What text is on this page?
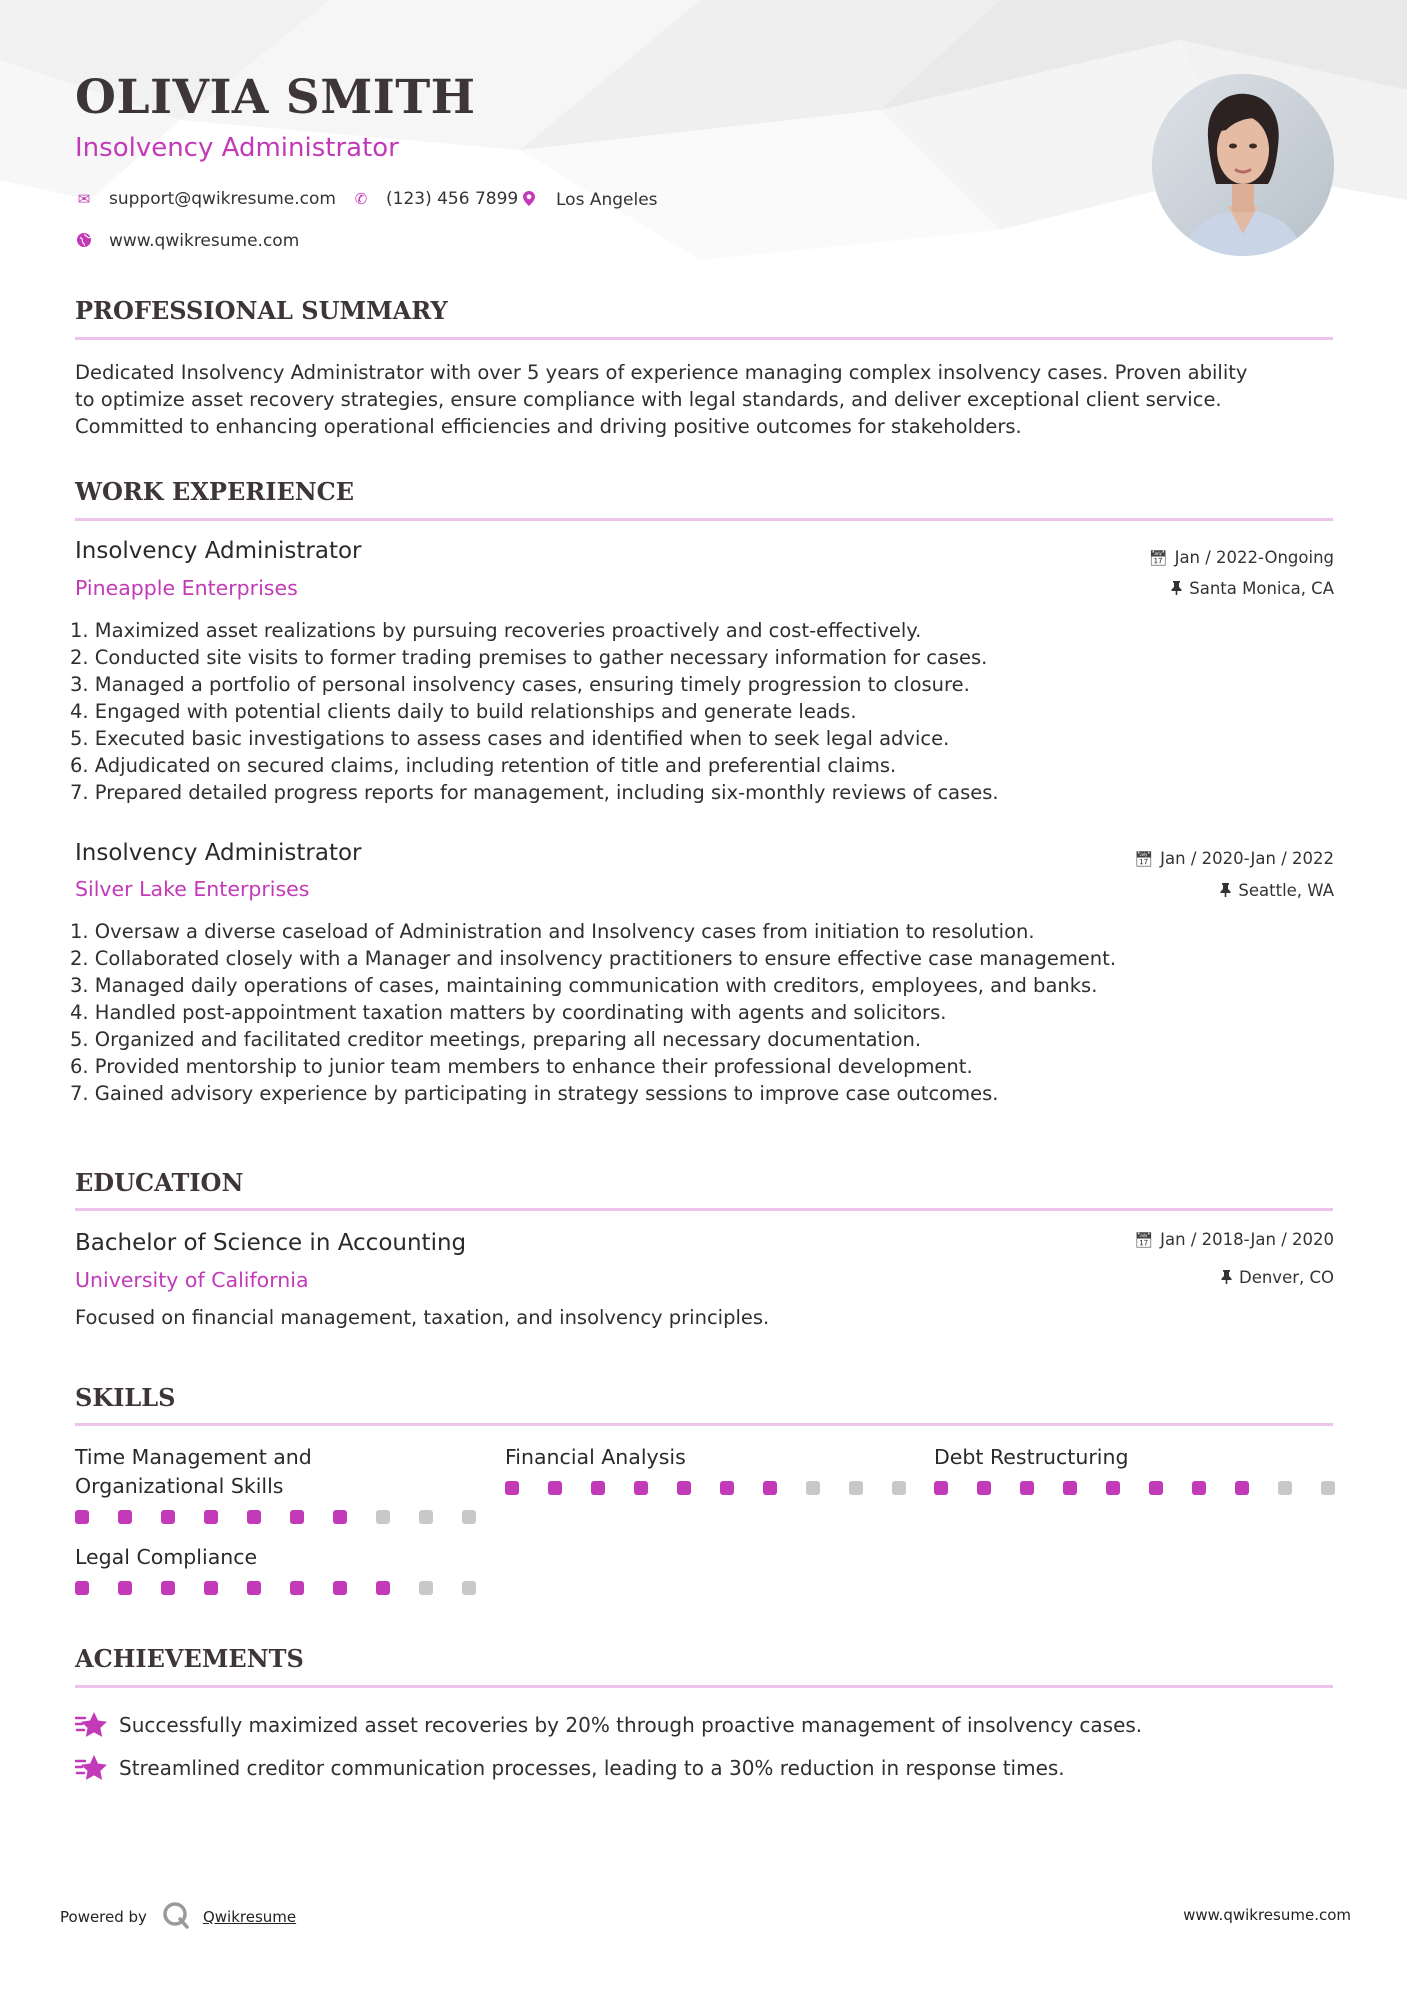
OLIVIA SMITH
Insolvency Administrator
✉ support@qwikresume.com ✆ (123) 456 7899 Los Angeles
www.qwikresume.com
PROFESSIONAL SUMMARY
Dedicated Insolvency Administrator with over 5 years of experience managing complex insolvency cases. Proven ability
to optimize asset recovery strategies, ensure compliance with legal standards, and deliver exceptional client service.
Committed to enhancing operational efficiencies and driving positive outcomes for stakeholders.
WORK EXPERIENCE
Insolvency Administrator
Pineapple Enterprises
📅︎ Jan / 2022-Ongoing
Santa Monica, CA
1. Maximized asset realizations by pursuing recoveries proactively and cost-effectively.
2. Conducted site visits to former trading premises to gather necessary information for cases.
3. Managed a portfolio of personal insolvency cases, ensuring timely progression to closure.
4. Engaged with potential clients daily to build relationships and generate leads.
5. Executed basic investigations to assess cases and identified when to seek legal advice.
6. Adjudicated on secured claims, including retention of title and preferential claims.
7. Prepared detailed progress reports for management, including six-monthly reviews of cases.
Insolvency Administrator
Silver Lake Enterprises
📅︎ Jan / 2020-Jan / 2022
Seattle, WA
1. Oversaw a diverse caseload of Administration and Insolvency cases from initiation to resolution.
2. Collaborated closely with a Manager and insolvency practitioners to ensure effective case management.
3. Managed daily operations of cases, maintaining communication with creditors, employees, and banks.
4. Handled post-appointment taxation matters by coordinating with agents and solicitors.
5. Organized and facilitated creditor meetings, preparing all necessary documentation.
6. Provided mentorship to junior team members to enhance their professional development.
7. Gained advisory experience by participating in strategy sessions to improve case outcomes.
EDUCATION
Bachelor of Science in Accounting
University of California
📅︎ Jan / 2018-Jan / 2020
Denver, CO
Focused on financial management, taxation, and insolvency principles.
SKILLS
Time Management and
Organizational Skills
Financial Analysis	Debt Restructuring
Legal Compliance
ACHIEVEMENTS
Successfully maximized asset recoveries by 20% through proactive management of insolvency cases.
Streamlined creditor communication processes, leading to a 30% reduction in response times.
Powered by	Qwikresume	www.qwikresume.com
